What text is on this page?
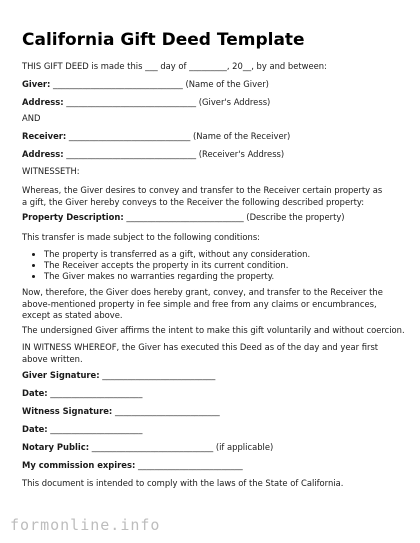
California Gift Deed Template
THIS GIFT DEED is made this ___ day of _________, 20__, by and between:
Giver: _______________________________ (Name of the Giver)
Address: _______________________________ (Giver's Address)
AND
Receiver: _____________________________ (Name of the Receiver)
Address: _______________________________ (Receiver's Address)
WITNESSETH:
Whereas, the Giver desires to convey and transfer to the Receiver certain property as a gift, the Giver hereby conveys to the Receiver the following described property:
Property Description: ____________________________ (Describe the property)
This transfer is made subject to the following conditions:
• The property is transferred as a gift, without any consideration.
• The Receiver accepts the property in its current condition.
• The Giver makes no warranties regarding the property.
Now, therefore, the Giver does hereby grant, convey, and transfer to the Receiver the above-mentioned property in fee simple and free from any claims or encumbrances, except as stated above.
The undersigned Giver affirms the intent to make this gift voluntarily and without coercion.
IN WITNESS WHEREOF, the Giver has executed this Deed as of the day and year first above written.
Giver Signature: ___________________________
Date: ______________________
Witness Signature: _________________________
Date: ______________________
Notary Public: _____________________________ (if applicable)
My commission expires: _________________________
This document is intended to comply with the laws of the State of California.
formonline.info
